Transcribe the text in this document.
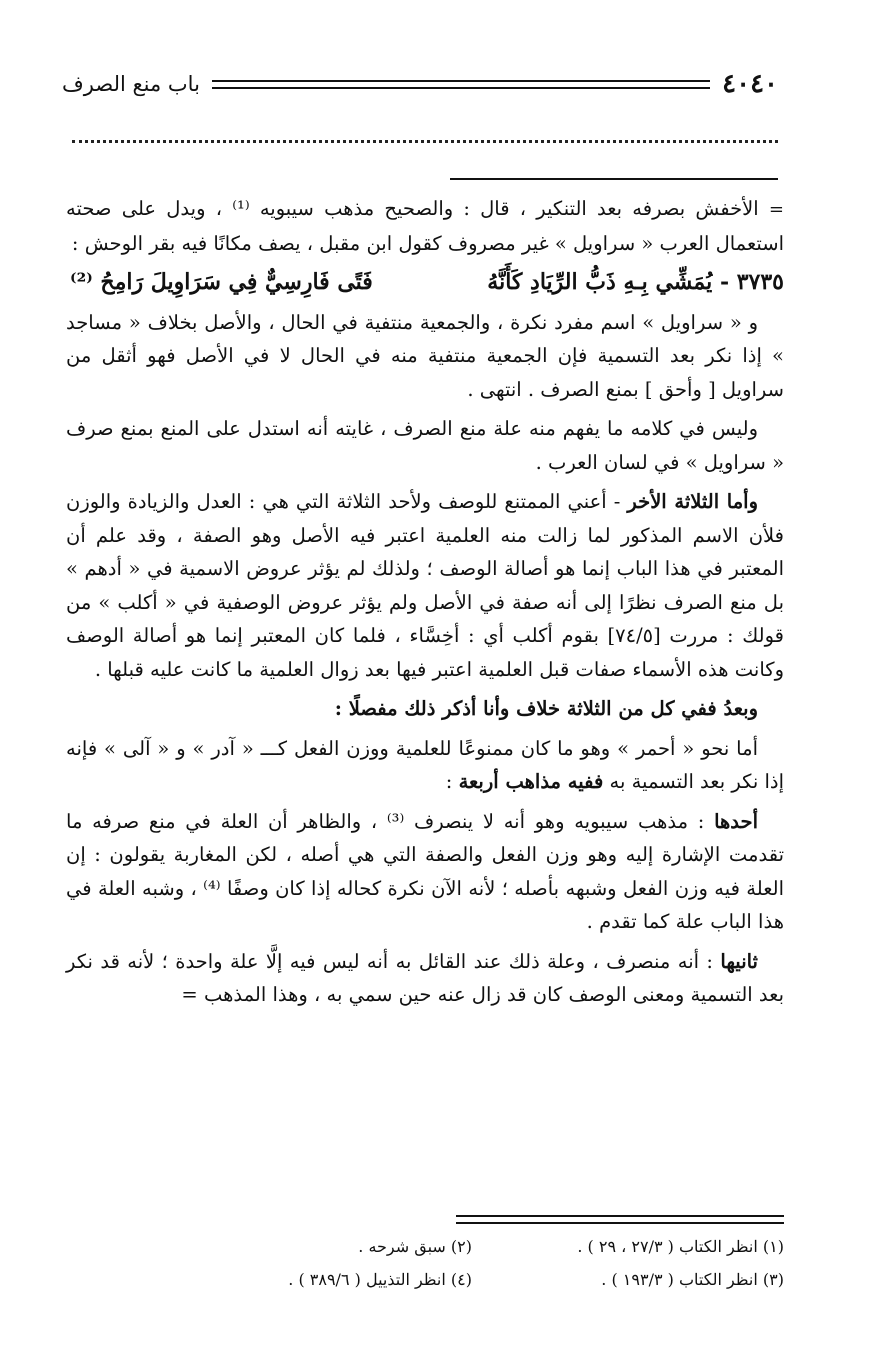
٤٠٤٠
باب منع الصرف

= الأخفش بصرفه بعد التنكير ، قال : والصحيح مذهب سيبويه ⁽¹⁾ ، ويدل على صحته استعمال العرب « سراويل » غير مصروف كقول ابن مقبل ، يصف مكانًا فيه بقر الوحش :

٣٧٣٥ - يُمَشِّي بِـهِ ذَبُّ الرِّيَادِ كَأَنَّهُ
فَتًى فَارِسِيٌّ فِي سَرَاوِيلَ رَامِحُ ⁽²⁾

و « سراويل » اسم مفرد نكرة ، والجمعية منتفية في الحال ، والأصل بخلاف « مساجد » إذا نكر بعد التسمية فإن الجمعية منتفية منه في الحال لا في الأصل فهو أثقل من سراويل [ وأحق ] بمنع الصرف . انتهى .

وليس في كلامه ما يفهم منه علة منع الصرف ، غايته أنه استدل على المنع بمنع صرف « سراويل » في لسان العرب .

وأما الثلاثة الأخر - أعني الممتنع للوصف ولأحد الثلاثة التي هي : العدل والزيادة والوزن فلأن الاسم المذكور لما زالت منه العلمية اعتبر فيه الأصل وهو الصفة ، وقد علم أن المعتبر في هذا الباب إنما هو أصالة الوصف ؛ ولذلك لم يؤثر عروض الاسمية في « أدهم » بل منع الصرف نظرًا إلى أنه صفة في الأصل ولم يؤثر عروض الوصفية في « أكلب » من قولك : مررت [٧٤/٥] بقوم أكلب أي : أخِسَّاء ، فلما كان المعتبر إنما هو أصالة الوصف وكانت هذه الأسماء صفات قبل العلمية اعتبر فيها بعد زوال العلمية ما كانت عليه قبلها .

وبعدُ ففي كل من الثلاثة خلاف وأنا أذكر ذلك مفصلًا :

أما نحو « أحمر » وهو ما كان ممنوعًا للعلمية ووزن الفعل كـــ « آدر » و « آلى » فإنه إذا نكر بعد التسمية به ففيه مذاهب أربعة :

أحدها : مذهب سيبويه وهو أنه لا ينصرف ⁽³⁾ ، والظاهر أن العلة في منع صرفه ما تقدمت الإشارة إليه وهو وزن الفعل والصفة التي هي أصله ، لكن المغاربة يقولون : إن العلة فيه وزن الفعل وشبهه بأصله ؛ لأنه الآن نكرة كحاله إذا كان وصفًا ⁽⁴⁾ ، وشبه العلة في هذا الباب علة كما تقدم .

ثانيها : أنه منصرف ، وعلة ذلك عند القائل به أنه ليس فيه إلَّا علة واحدة ؛ لأنه قد نكر بعد التسمية ومعنى الوصف كان قد زال عنه حين سمي به ، وهذا المذهب =

(١) انظر الكتاب ( ٢٧/٣ ، ٢٩ ) .
(٢) سبق شرحه .
(٣) انظر الكتاب ( ١٩٣/٣ ) .
(٤) انظر التذييل ( ٣٨٩/٦ ) .
